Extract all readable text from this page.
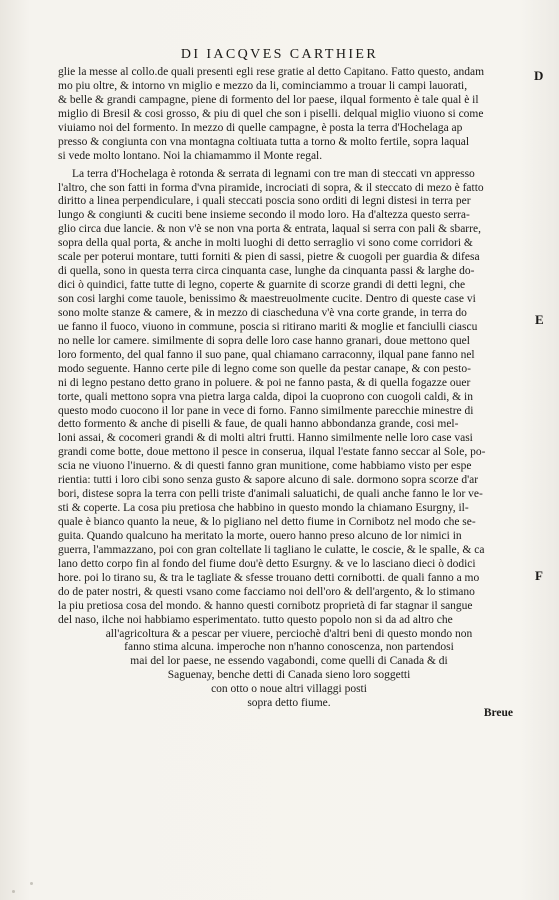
DI IACQVES CARTHIER
glie la messe al collo.de quali presenti egli rese gratie al detto Capitano. Fatto questo, andam
mo piu oltre, & intorno vn miglio e mezzo da li, cominciammo a trouar li campi lauorati,
& belle & grandi campagne, piene di formento del lor paese, ilqual formento è tale qual è il
miglio di Bresil & cosi grosso, & piu di quel che son i piselli. delqual miglio viuono si come
viuiamo noi del formento. In mezzo di quelle campagne, è posta la terra d'Hochelaga ap
presso & congiunta con vna montagna coltiuata tutta a torno & molto fertile, sopra laqual
si vede molto lontano. Noi la chiamammo il Monte regal.
La terra d'Hochelaga è rotonda & serrata di legnami con tre man di steccati vn appresso
l'altro, che son fatti in forma d'vna piramide, incrociati di sopra, & il steccato di mezo è fatto
diritto a linea perpendiculare, i quali steccati poscia sono orditi di legni distesi in terra per
lungo & congiunti & cuciti bene insieme secondo il modo loro. Ha d'altezza questo serra-
glio circa due lancie. & non v'è se non vna porta & entrata, laqual si serra con pali & sbarre,
sopra della qual porta, & anche in molti luoghi di detto serraglio vi sono come corridori &
scale per poterui montare, tutti forniti & pien di sassi, pietre & cuogoli per guardia & difesa
di quella, sono in questa terra circa cinquanta case, lunghe da cinquanta passi & larghe do-
dici ò quindici, fatte tutte di legno, coperte & guarnite di scorze grandi di detti legni, che
son cosi larghi come tauole, benissimo & maestreuolmente cucite. Dentro di queste case vi
sono molte stanze & camere, & in mezzo di ciascheduna v'è vna corte grande, in terra do
ue fanno il fuoco, viuono in commune, poscia si ritirano mariti & moglie et fanciulli ciascu
no nelle lor camere. similmente di sopra delle loro case hanno granari, doue mettono quel
loro formento, del qual fanno il suo pane, qual chiamano carraconny, ilqual pane fanno nel
modo seguente. Hanno certe pile di legno come son quelle da pestar canape, & con pesto-
ni di legno pestano detto grano in poluere. & poi ne fanno pasta, & di quella fogazze ouer
torte, quali mettono sopra vna pietra larga calda, dipoi la cuoprono con cuogoli caldi, & in
questo modo cuocono il lor pane in vece di forno. Fanno similmente parecchie minestre di
detto formento & anche di piselli & faue, de quali hanno abbondanza grande, cosi mel-
loni assai, & cocomeri grandi & di molti altri frutti. Hanno similmente nelle loro case vasi
grandi come botte, doue mettono il pesce in conserua, ilqual l'estate fanno seccar al Sole, po-
scia ne viuono l'inuerno. & di questi fanno gran munitione, come habbiamo visto per espe
rientia: tutti i loro cibi sono senza gusto & sapore alcuno di sale. dormono sopra scorze d'ar
bori, distese sopra la terra con pelli triste d'animali saluatichi, de quali anche fanno le lor ve-
sti & coperte. La cosa piu pretiosa che habbino in questo mondo la chiamano Esurgny, il-
quale è bianco quanto la neue, & lo pigliano nel detto fiume in Cornibotz nel modo che se-
guita. Quando qualcuno ha meritato la morte, ouero hanno preso alcuno de lor nimici in
guerra, l'ammazzano, poi con gran coltellate li tagliano le culatte, le coscie, & le spalle, & ca
lano detto corpo fin al fondo del fiume dou'è detto Esurgny. & ve lo lasciano dieci ò dodici
hore. poi lo tirano su, & tra le tagliate & sfesse trouano detti cornibotti. de quali fanno a mo
do de pater nostri, & questi vsano come facciamo noi dell'oro & dell'argento, & lo stimano
la piu pretiosa cosa del mondo. & hanno questi cornibotz proprietà di far stagnar il sangue
del naso, ilche noi habbiamo esperimentato. tutto questo popolo non si da ad altro che
all'agricoltura & a pescar per viuere, perciochè d'altri beni di questo mondo non
fanno stima alcuna. imperoche non n'hanno conoscenza, non partendosi
mai del lor paese, ne essendo vagabondi, come quelli di Canada & di
Saguenay, benche detti di Canada sieno loro soggetti
con otto o noue altri villaggi posti
sopra detto fiume.
D
E
F
Breue
